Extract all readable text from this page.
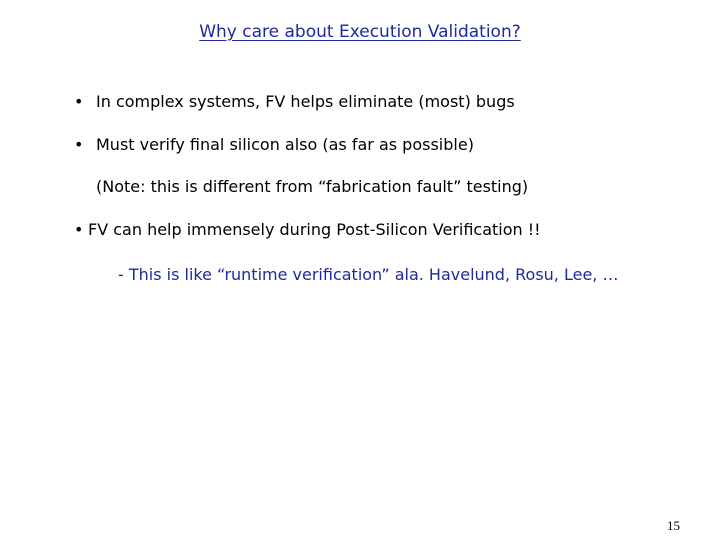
Why care about Execution Validation?
• In complex systems, FV helps eliminate (most) bugs
• Must verify final silicon also (as far as possible)
(Note: this is different from “fabrication fault” testing)
• FV can help immensely during Post-Silicon Verification !!
- This is like “runtime verification” ala. Havelund, Rosu, Lee, …
15
